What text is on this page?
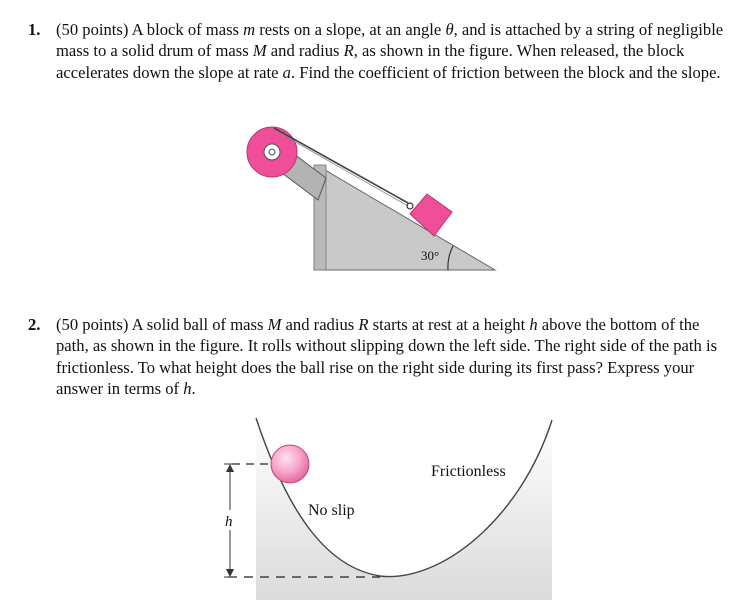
1. (50 points) A block of mass m rests on a slope, at an angle θ, and is attached by a string of negligible mass to a solid drum of mass M and radius R, as shown in the figure. When released, the block accelerates down the slope at rate a. Find the coefficient of friction between the block and the slope.
30°
2. (50 points) A solid ball of mass M and radius R starts at rest at a height h above the bottom of the path, as shown in the figure. It rolls without slipping down the left side. The right side of the path is frictionless. To what height does the ball rise on the right side during its first pass? Express your answer in terms of h.
h
No slip
Frictionless
